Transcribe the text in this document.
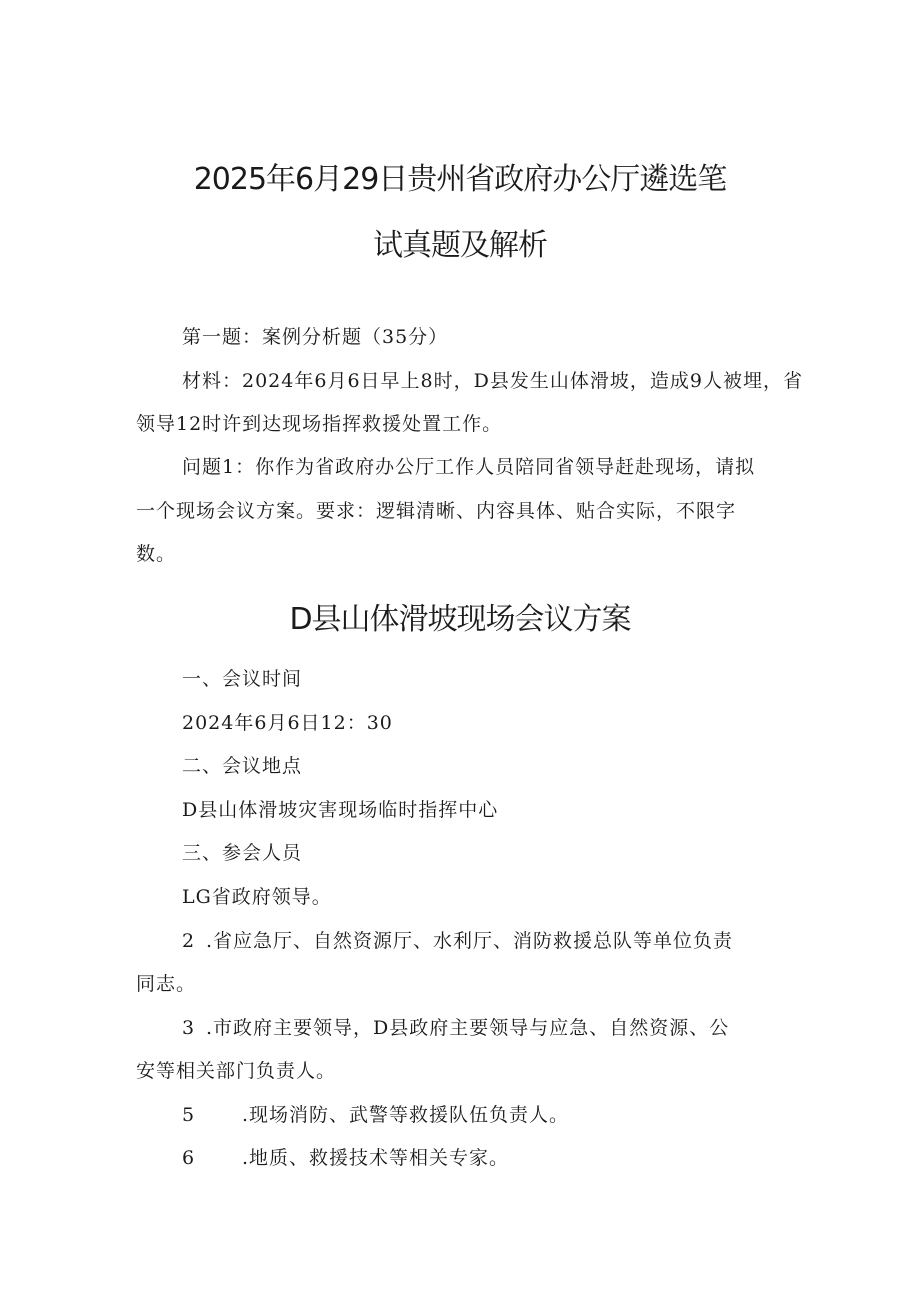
2025年6月29日贵州省政府办公厅遴选笔
试真题及解析
第一题：案例分析题（35分）
材料：2024年6月6日早上8时，D县发生山体滑坡，造成9人被埋，省
领导12时许到达现场指挥救援处置工作。
问题1：你作为省政府办公厅工作人员陪同省领导赶赴现场，请拟
一个现场会议方案。要求：逻辑清晰、内容具体、贴合实际，不限字
数。
D县山体滑坡现场会议方案
一、会议时间
2024年6月6日12：30
二、会议地点
D县山体滑坡灾害现场临时指挥中心
三、参会人员
LG省政府领导。
2 .省应急厅、自然资源厅、水利厅、消防救援总队等单位负责
同志。
3 .市政府主要领导，D县政府主要领导与应急、自然资源、公
安等相关部门负责人。
5	.现场消防、武警等救援队伍负责人。
6	.地质、救援技术等相关专家。
